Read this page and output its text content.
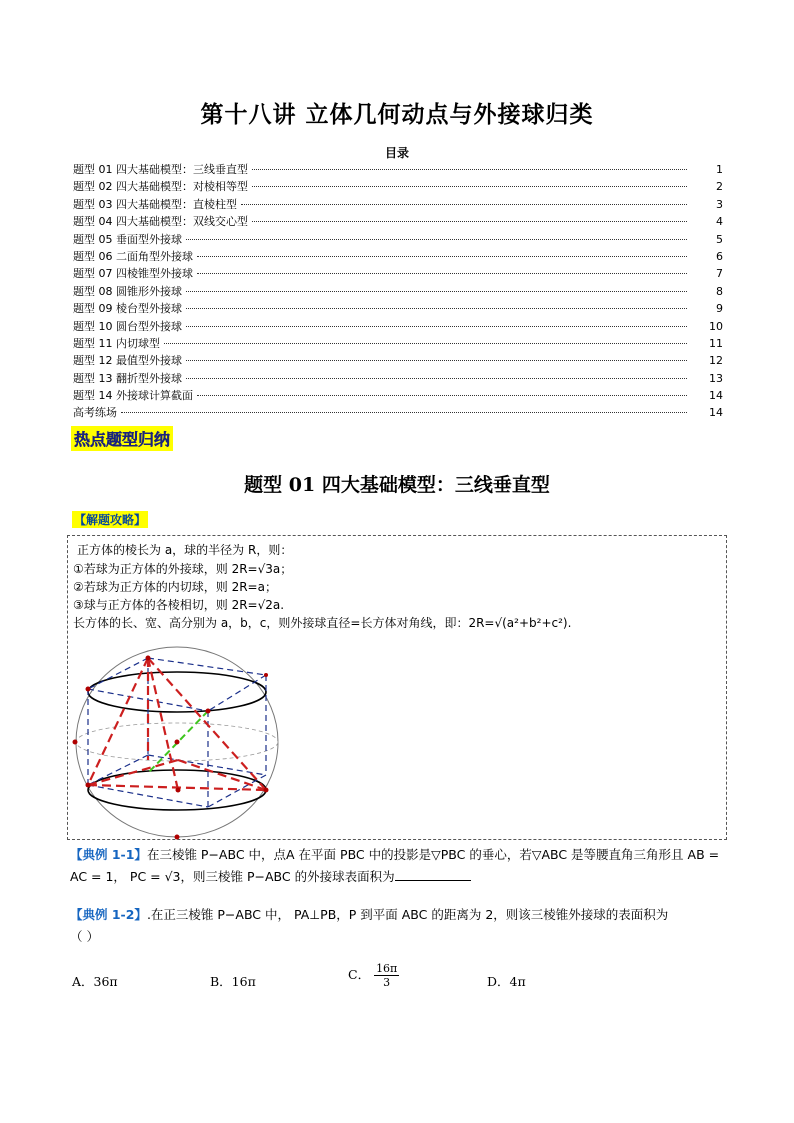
第十八讲 立体几何动点与外接球归类
目录
题型 01 四大基础模型：三线垂直型	1
题型 02 四大基础模型：对棱相等型	2
题型 03 四大基础模型：直棱柱型	3
题型 04 四大基础模型：双线交心型	4
题型 05 垂面型外接球	5
题型 06 二面角型外接球	6
题型 07 四棱锥型外接球	7
题型 08 圆锥形外接球	8
题型 09 棱台型外接球	9
题型 10 圆台型外接球	10
题型 11 内切球型	11
题型 12 最值型外接球	12
题型 13 翻折型外接球	13
题型 14 外接球计算截面	14
高考练场	14
热点题型归纳
题型 01 四大基础模型：三线垂直型
【解题攻略】
正方体的棱长为 a，球的半径为 R，则：
①若球为正方体的外接球，则 2R=√3a；
②若球为正方体的内切球，则 2R=a；
③球与正方体的各棱相切，则 2R=√2a.
长方体的长、宽、高分别为 a，b，c，则外接球直径=长方体对角线，即：2R=√(a²+b²+c²).
【典例 1-1】在三棱锥 P−ABC 中，点A 在平面 PBC 中的投影是▽PBC 的垂心，若▽ABC 是等腰直角三角形且 AB = AC = 1， PC = √3，则三棱锥 P−ABC 的外接球表面积为
【典例 1-2】.在正三棱锥 P−ABC 中， PA⊥PB，P 到平面 ABC 的距离为 2，则该三棱锥外接球的表面积为
（ ）
A．36π	B．16π	C． $\frac{16\pi}{3}$	D．4π
